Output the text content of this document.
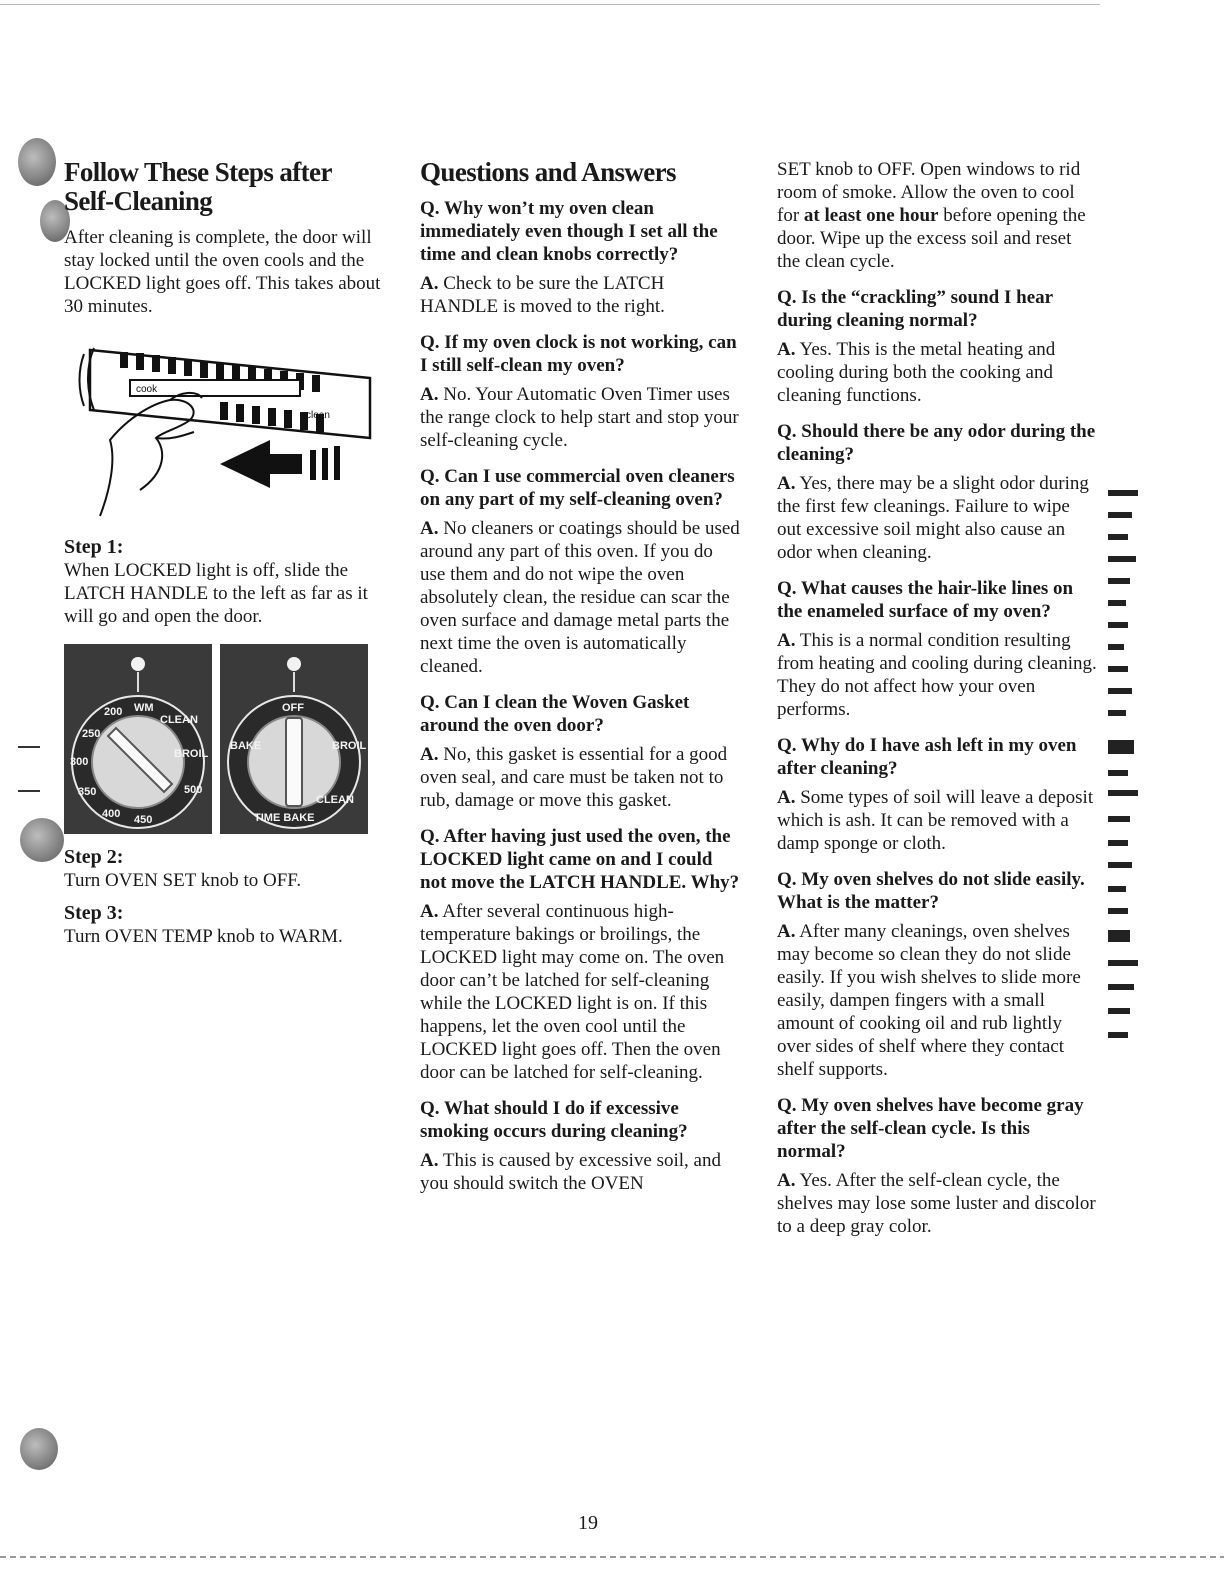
Follow These Steps after Self-Cleaning

After cleaning is complete, the door will stay locked until the oven cools and the LOCKED light goes off. This takes about 30 minutes.

cook
clean

Step 1:

When LOCKED light is off, slide the LATCH HANDLE to the left as far as it will go and open the door.

WM
CLEAN
200
250
300
350
400 450
500
BROIL
OFF
BAKE	BROIL
TIME BAKE
CLEAN

Step 2:

Turn OVEN SET knob to OFF.

Step 3:

Turn OVEN TEMP knob to WARM.

Questions and Answers

Q. Why won’t my oven clean immediately even though I set all the time and clean knobs correctly?

A. Check to be sure the LATCH HANDLE is moved to the right.

Q. If my oven clock is not working, can I still self-clean my oven?

A. No. Your Automatic Oven Timer uses the range clock to help start and stop your self-cleaning cycle.

Q. Can I use commercial oven cleaners on any part of my self-cleaning oven?

A. No cleaners or coatings should be used around any part of this oven. If you do use them and do not wipe the oven absolutely clean, the residue can scar the oven surface and damage metal parts the next time the oven is automatically cleaned.

Q. Can I clean the Woven Gasket around the oven door?

A. No, this gasket is essential for a good oven seal, and care must be taken not to rub, damage or move this gasket.

Q. After having just used the oven, the LOCKED light came on and I could not move the LATCH HANDLE. Why?

A. After several continuous high-temperature bakings or broilings, the LOCKED light may come on. The oven door can’t be latched for self-cleaning while the LOCKED light is on. If this happens, let the oven cool until the LOCKED light goes off. Then the oven door can be latched for self-cleaning.

Q. What should I do if excessive smoking occurs during cleaning?

A. This is caused by excessive soil, and you should switch the OVEN

SET knob to OFF. Open windows to rid room of smoke. Allow the oven to cool for at least one hour before opening the door. Wipe up the excess soil and reset the clean cycle.

Q. Is the “crackling” sound I hear during cleaning normal?

A. Yes. This is the metal heating and cooling during both the cooking and cleaning functions.

Q. Should there be any odor during the cleaning?

A. Yes, there may be a slight odor during the first few cleanings. Failure to wipe out excessive soil might also cause an odor when cleaning.

Q. What causes the hair-like lines on the enameled surface of my oven?

A. This is a normal condition resulting from heating and cooling during cleaning. They do not affect how your oven performs.

Q. Why do I have ash left in my oven after cleaning?

A. Some types of soil will leave a deposit which is ash. It can be removed with a damp sponge or cloth.

Q. My oven shelves do not slide easily. What is the matter?

A. After many cleanings, oven shelves may become so clean they do not slide easily. If you wish shelves to slide more easily, dampen fingers with a small amount of cooking oil and rub lightly over sides of shelf where they contact shelf supports.

Q. My oven shelves have become gray after the self-clean cycle. Is this normal?

A. Yes. After the self-clean cycle, the shelves may lose some luster and discolor to a deep gray color.

19
